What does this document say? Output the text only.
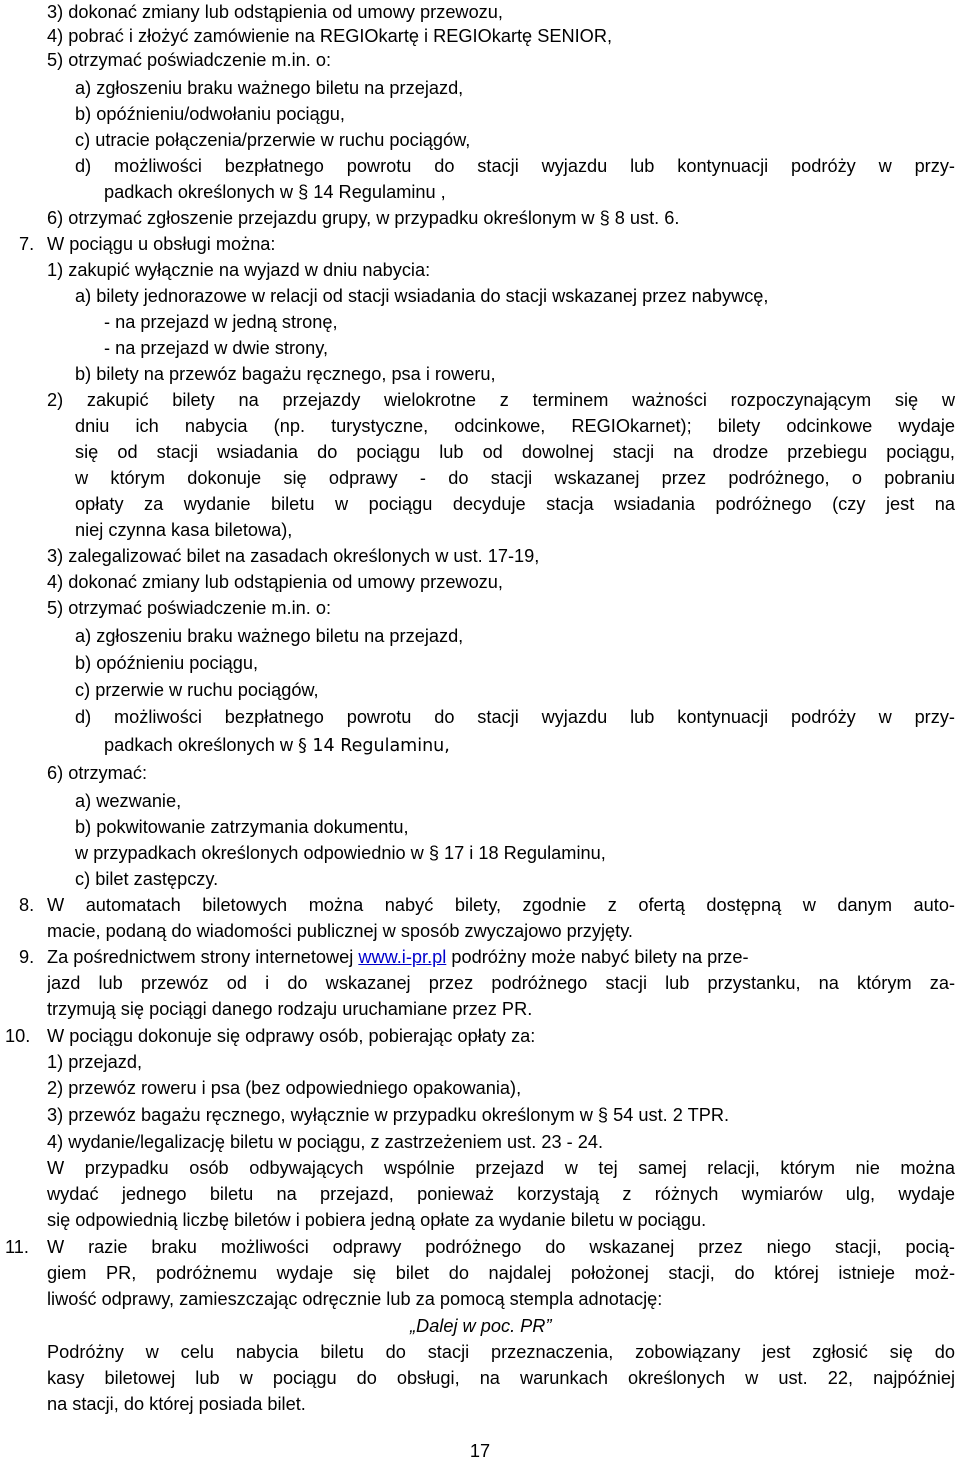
3) dokonać zmiany lub odstąpienia od umowy przewozu,
4) pobrać i złożyć zamówienie na REGIOkartę i REGIOkartę SENIOR,
5) otrzymać poświadczenie m.in. o:
a) zgłoszeniu braku ważnego biletu na przejazd,
b) opóźnieniu/odwołaniu pociągu,
c) utracie połączenia/przerwie w ruchu pociągów,
d) możliwości bezpłatnego powrotu do stacji wyjazdu lub kontynuacji podróży w przy-
padkach określonych w § 14 Regulaminu ,
6) otrzymać zgłoszenie przejazdu grupy, w przypadku określonym w § 8 ust. 6.
7. W pociągu u obsługi można:
1) zakupić wyłącznie na wyjazd w dniu nabycia:
a) bilety jednorazowe w relacji od stacji wsiadania do stacji wskazanej przez nabywcę,
- na przejazd w jedną stronę,
- na przejazd w dwie strony,
b) bilety na przewóz bagażu ręcznego, psa i roweru,
2) zakupić bilety na przejazdy wielokrotne z terminem ważności rozpoczynającym się w
dniu ich nabycia (np. turystyczne, odcinkowe, REGIOkarnet); bilety odcinkowe wydaje
się od stacji wsiadania do pociągu lub od dowolnej stacji na drodze przebiegu pociągu,
w którym dokonuje się odprawy - do stacji wskazanej przez podróżnego, o pobraniu
opłaty za wydanie biletu w pociągu decyduje stacja wsiadania podróżnego (czy jest na
niej czynna kasa biletowa),
3) zalegalizować bilet na zasadach określonych w ust. 17-19,
4) dokonać zmiany lub odstąpienia od umowy przewozu,
5) otrzymać poświadczenie m.in. o:
a) zgłoszeniu braku ważnego biletu na przejazd,
b) opóźnieniu pociągu,
c) przerwie w ruchu pociągów,
d) możliwości bezpłatnego powrotu do stacji wyjazdu lub kontynuacji podróży w przy-
padkach określonych w § 14 Regulaminu,
6) otrzymać:
a) wezwanie,
b) pokwitowanie zatrzymania dokumentu,
w przypadkach określonych odpowiednio w § 17 i 18 Regulaminu,
c) bilet zastępczy.
8. W automatach biletowych można nabyć bilety, zgodnie z ofertą dostępną w danym auto-
macie, podaną do wiadomości publicznej w sposób zwyczajowo przyjęty.
9. Za pośrednictwem strony internetowej www.i-pr.pl podróżny może nabyć bilety na prze-
jazd lub przewóz od i do wskazanej przez podróżnego stacji lub przystanku, na którym za-
trzymują się pociągi danego rodzaju uruchamiane przez PR.
10. W pociągu dokonuje się odprawy osób, pobierając opłaty za:
1) przejazd,
2) przewóz roweru i psa (bez odpowiedniego opakowania),
3) przewóz bagażu ręcznego, wyłącznie w przypadku określonym w § 54 ust. 2 TPR.
4) wydanie/legalizację biletu w pociągu, z zastrzeżeniem ust. 23 - 24.
W przypadku osób odbywających wspólnie przejazd w tej samej relacji, którym nie można
wydać jednego biletu na przejazd, ponieważ korzystają z różnych wymiarów ulg, wydaje
się odpowiednią liczbę biletów i pobiera jedną opłate za wydanie biletu w pociągu.
11. W razie braku możliwości odprawy podróżnego do wskazanej przez niego stacji, pocią-
giem PR, podróżnemu wydaje się bilet do najdalej położonej stacji, do której istnieje moż-
liwość odprawy, zamieszczając odręcznie lub za pomocą stempla adnotację:
„Dalej w poc. PR”
Podróżny w celu nabycia biletu do stacji przeznaczenia, zobowiązany jest zgłosić się do
kasy biletowej lub w pociągu do obsługi, na warunkach określonych w ust. 22, najpóźniej
na stacji, do której posiada bilet.
17
